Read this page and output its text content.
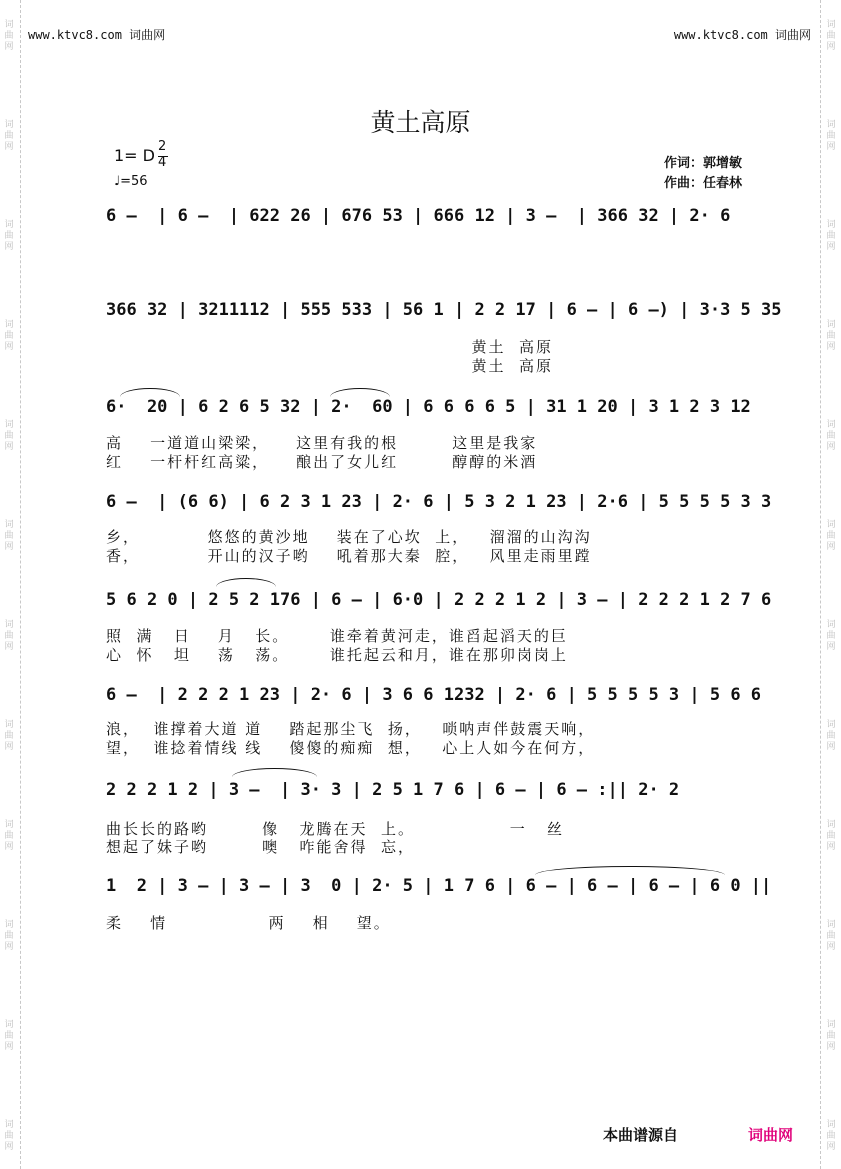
词曲网
词曲网
词曲网
词曲网
词曲网
词曲网
词曲网
词曲网
词曲网
词曲网
词曲网
词曲网
词曲网
词曲网
词曲网
词曲网
词曲网
词曲网
词曲网
词曲网
词曲网
词曲网
词曲网
词曲网
www.ktvc8.com 词曲网	www.ktvc8.com 词曲网
黄土高原
1= D 2
4
♩=56
作词：郭增敏
作曲：任春林
6 –  | 6 –  | 622 26 | 676 53 | 666 12 | 3 –  | 366 32 | 2· 6
366 32 | 3211112 | 555 533 | 56 1 | 2 2 17 | 6 – | 6 –) | 3·3 5 35
黄土  高原
黄土  高原
6·  20 | 6 2 6 5 32 | 2·  60 | 6 6 6 6 5 | 31 1 20 | 3 1 2 3 12
高    一道道山梁梁，    这里有我的根        这里是我家
红    一杆杆红高粱，    酿出了女儿红        醇醇的米酒
6 –  | (6 6) | 6 2 3 1 23 | 2· 6 | 5 3 2 1 23 | 2·6 | 5 5 5 5 3 3
乡，          悠悠的黄沙地    装在了心坎  上，   溜溜的山沟沟
香，          开山的汉子哟    吼着那大秦  腔，   风里走雨里蹚
5 6 2 0 | 2 5 2 176 | 6 – | 6·0 | 2 2 2 1 2 | 3 – | 2 2 2 1 2 7 6
照  满   日    月   长。      谁牵着黄河走，谁舀起滔天的巨
心  怀   坦    荡   荡。      谁托起云和月，谁在那卯岗岗上
6 –  | 2 2 2 1 23 | 2· 6 | 3 6 6 1232 | 2· 6 | 5 5 5 5 3 | 5 6 6
浪，  谁撑着大道 道    踏起那尘飞  扬，   唢呐声伴鼓震天响，
望，  谁捻着情线 线    傻傻的痴痴  想，   心上人如今在何方，
2 2 2 1 2 | 3 –  | 3· 3 | 2 5 1 7 6 | 6 – | 6 – :|| 2· 2
曲长长的路哟        像   龙腾在天  上。              一   丝
想起了妹子哟        噢   咋能舍得  忘，
1  2 | 3 – | 3 – | 3  0 | 2· 5 | 1 7 6 | 6 – | 6 – | 6 – | 6 0 ||
柔    情               两    相    望。
本曲谱源自	词曲网
